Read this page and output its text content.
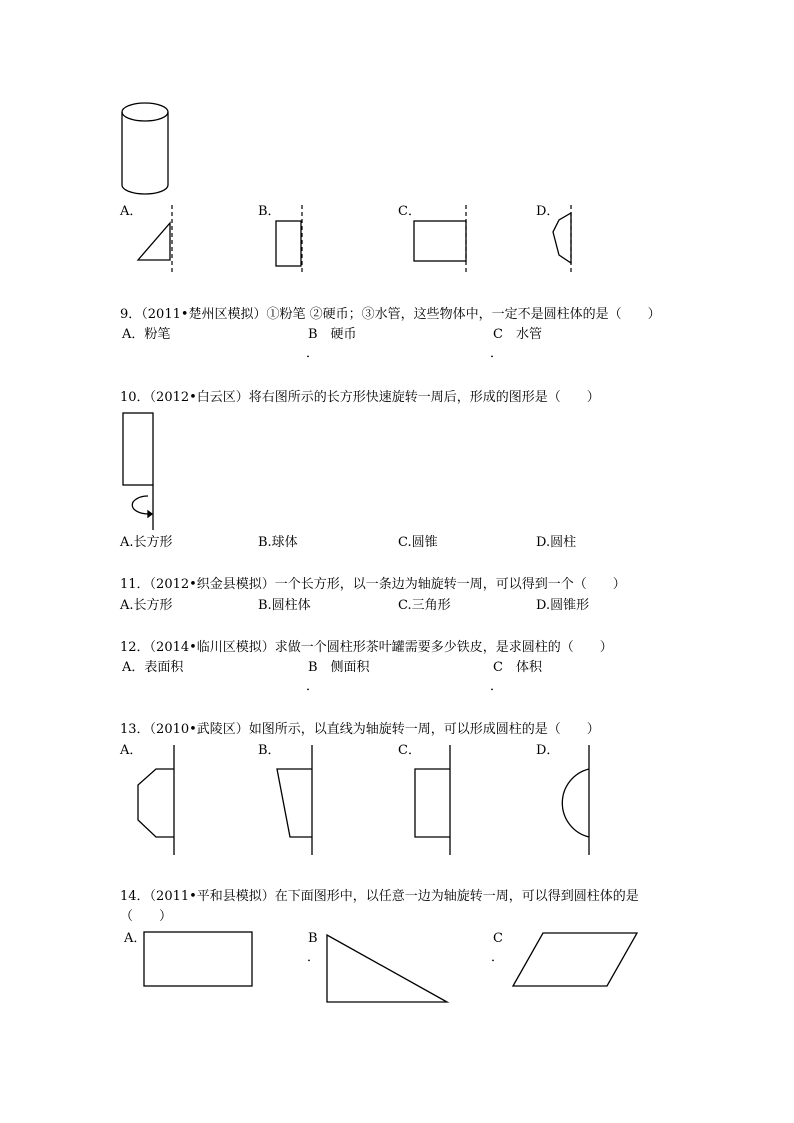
A．	B．	C．	D．
9．（2011•楚州区模拟）①粉笔 ②硬币；③水管，这些物体中，一定不是圆柱体的是（　　）
A．粉笔	B　硬币
．
C　水管
．
10．（2012•白云区）将右图所示的长方形快速旋转一周后，形成的图形是（　　）
A.长方形	B.球体	C.圆锥	D.圆柱
11．（2012•织金县模拟）一个长方形，以一条边为轴旋转一周，可以得到一个（　　）
A.长方形	B.圆柱体	C.三角形	D.圆锥形
12．（2014•临川区模拟）求做一个圆柱形茶叶罐需要多少铁皮，是求圆柱的（　　）
A．表面积	B　侧面积
．
C　体积
．
13．（2010•武陵区）如图所示，以直线为轴旋转一周，可以形成圆柱的是（　　）
A．	B．	C．	D．
14．（2011•平和县模拟）在下面图形中，以任意一边为轴旋转一周，可以得到圆柱体的是
（　　）
A．	B
．
C
．
